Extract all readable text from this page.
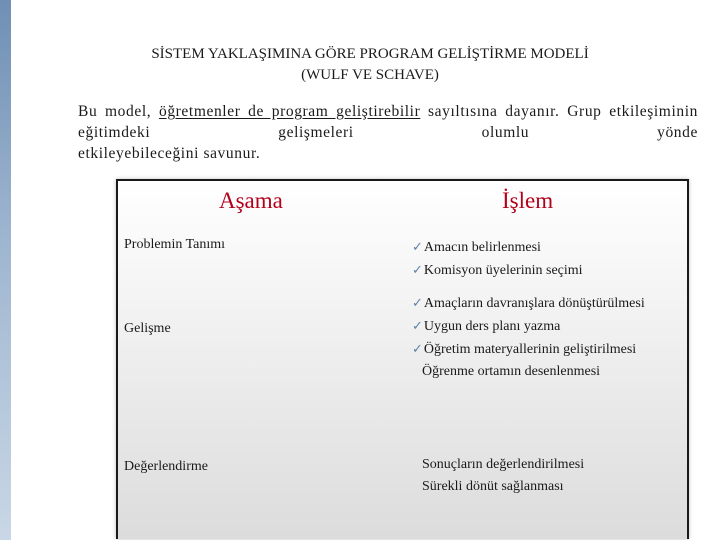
SİSTEM YAKLAŞIMINA GÖRE PROGRAM GELİŞTİRME MODELİ
(WULF VE SCHAVE)
Bu model, öğretmenler de program geliştirebilir sayıltısına dayanır. Grup etkileşiminin eğitimdeki gelişmeleri olumlu yönde
etkileyebileceğini savunur.
Aşama	İşlem
Problemin Tanımı
Gelişme
Değerlendirme
✓Amacın belirlenmesi
✓Komisyon üyelerinin seçimi
✓Amaçların davranışlara dönüştürülmesi
✓Uygun ders planı yazma
✓Öğretim materyallerinin geliştirilmesi
Öğrenme ortamın desenlenmesi
Sonuçların değerlendirilmesi
Sürekli dönüt sağlanması
